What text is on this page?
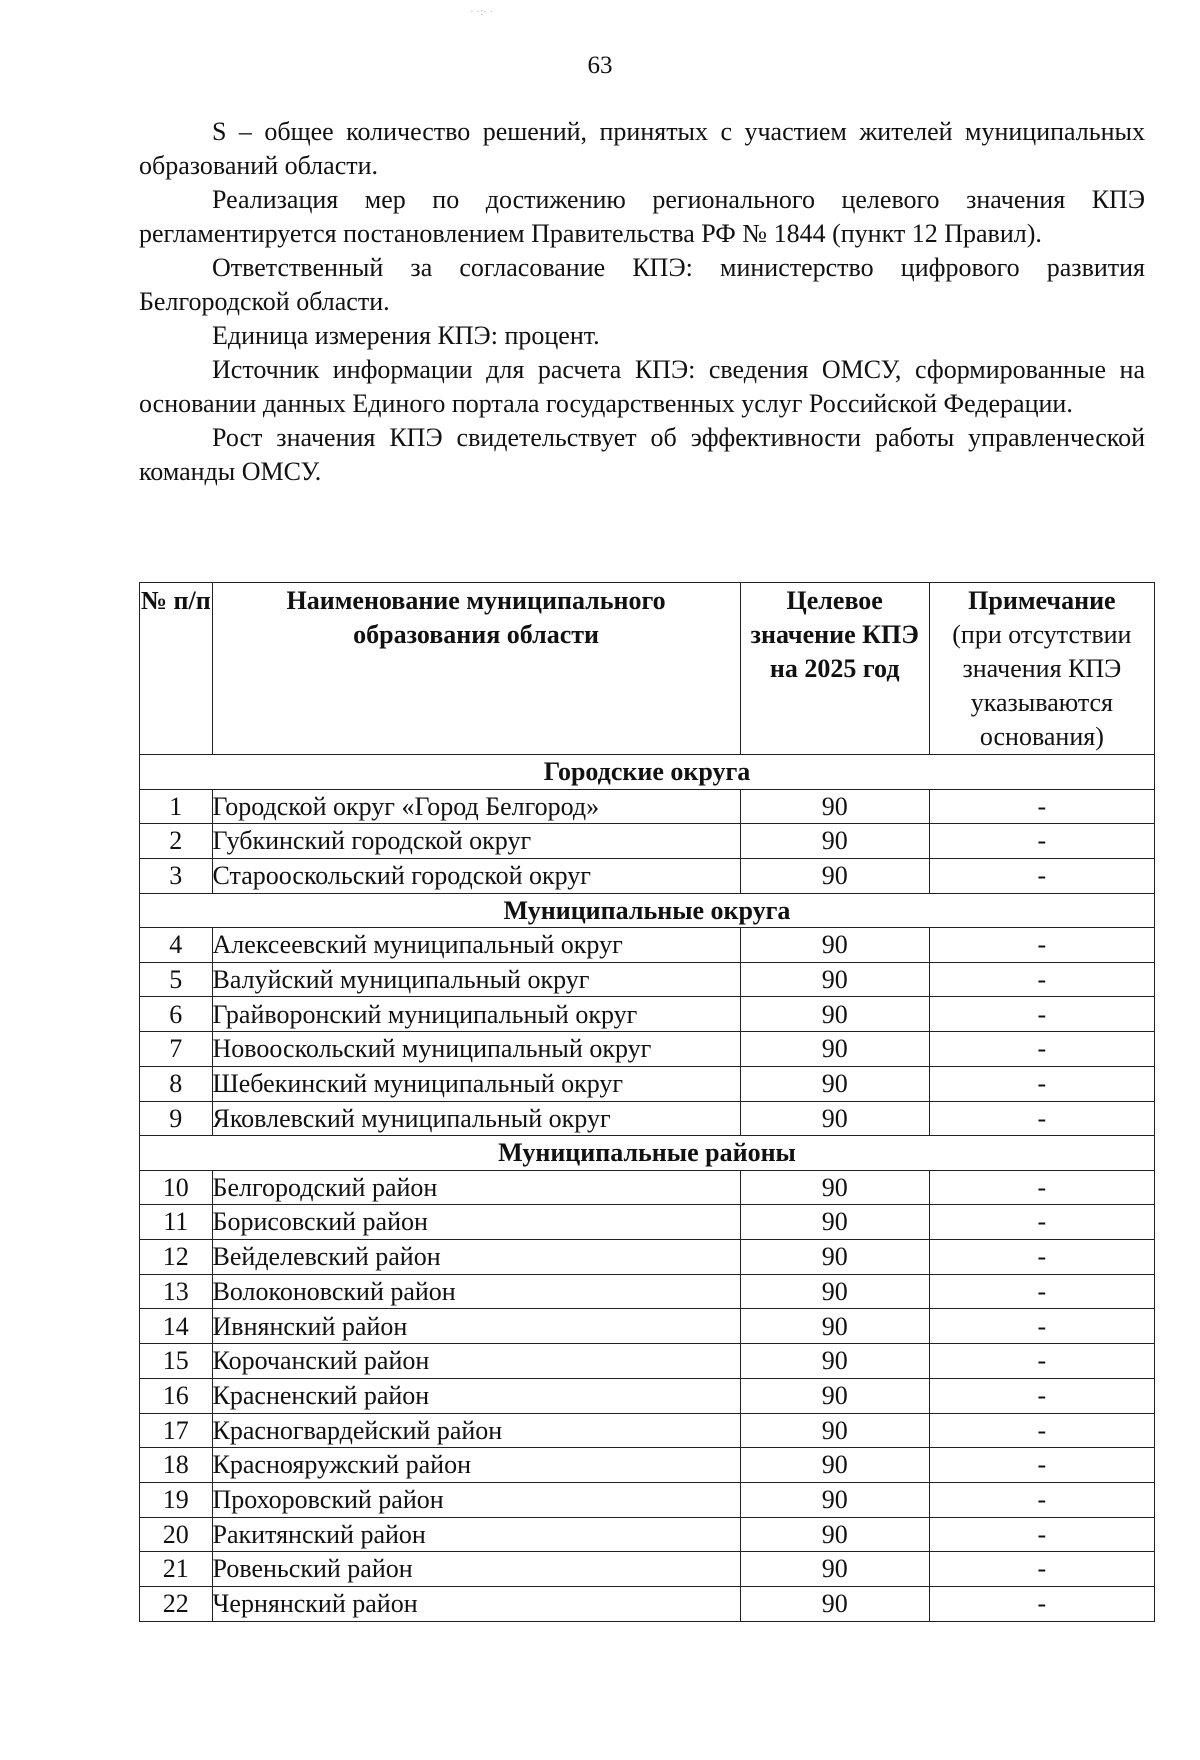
· ·:· ·
63

S – общее количество решений, принятых с участием жителей муниципальных образований области.

Реализация мер по достижению регионального целевого значения КПЭ регламентируется постановлением Правительства РФ № 1844 (пункт 12 Правил).

Ответственный за согласование КПЭ: министерство цифрового развития Белгородской области.

Единица измерения КПЭ: процент.

Источник информации для расчета КПЭ: сведения ОМСУ, сформированные на основании данных Единого портала государственных услуг Российской Федерации.

Рост значения КПЭ свидетельствует об эффективности работы управленческой команды ОМСУ.

№ п/п	Наименование муниципального образования области	Целевое значение КПЭ на 2025 год	Примечание
(при отсутствии значения КПЭ указываются основания)

Городские округа			
1	Городской округ «Город Белгород»	90	-
2	Губкинский городской округ	90	-
3	Старооскольский городской округ	90	-
Муниципальные округа			
4	Алексеевский муниципальный округ	90	-
5	Валуйский муниципальный округ	90	-
6	Грайворонский муниципальный округ	90	-
7	Новооскольский муниципальный округ	90	-
8	Шебекинский муниципальный округ	90	-
9	Яковлевский муниципальный округ	90	-
Муниципальные районы			
10	Белгородский район	90	-
11	Борисовский район	90	-
12	Вейделевский район	90	-
13	Волоконовский район	90	-
14	Ивнянский район	90	-
15	Корочанский район	90	-
16	Красненский район	90	-
17	Красногвардейский район	90	-
18	Краснояружский район	90	-
19	Прохоровский район	90	-
20	Ракитянский район	90	-
21	Ровеньский район	90	-
22	Чернянский район	90	-
